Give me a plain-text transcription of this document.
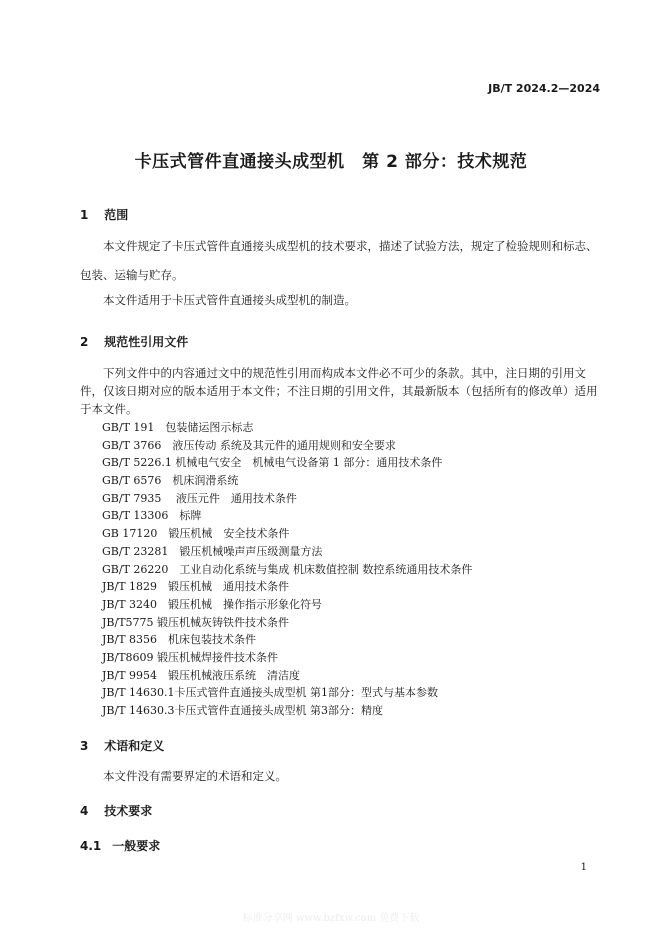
JB/T 2024.2—2024
卡压式管件直通接头成型机　第 2 部分：技术规范
1 范围
本文件规定了卡压式管件直通接头成型机的技术要求，描述了试验方法，规定了检验规则和标志、
包装、运输与贮存。
本文件适用于卡压式管件直通接头成型机的制造。
2 规范性引用文件
下列文件中的内容通过文中的规范性引用而构成本文件必不可少的条款。其中，注日期的引用文件，仅该日期对应的版本适用于本文件；不注日期的引用文件，其最新版本（包括所有的修改单）适用于本文件。
GB/T 191　包装储运图示标志
GB/T 3766　液压传动 系统及其元件的通用规则和安全要求
GB/T 5226.1 机械电气安全　机械电气设备第 1 部分：通用技术条件
GB/T 6576　机床润滑系统
GB/T 7935　 液压元件　通用技术条件
GB/T 13306　标牌
GB 17120　锻压机械　安全技术条件
GB/T 23281　锻压机械噪声声压级测量方法
GB/T 26220　工业自动化系统与集成 机床数值控制 数控系统通用技术条件
JB/T 1829　锻压机械　通用技术条件
JB/T 3240　锻压机械　操作指示形象化符号
JB/T5775 锻压机械灰铸铁件技术条件
JB/T 8356　机床包装技术条件
JB/T8609 锻压机械焊接件技术条件
JB/T 9954　锻压机械液压系统　清洁度
JB/T 14630.1卡压式管件直通接头成型机 第1部分：型式与基本参数
JB/T 14630.3卡压式管件直通接头成型机 第3部分：精度
3 术语和定义
本文件没有需要界定的术语和定义。
4 技术要求
4.1 一般要求
1
标准分享网 www.bzfxw.com 免费下载
